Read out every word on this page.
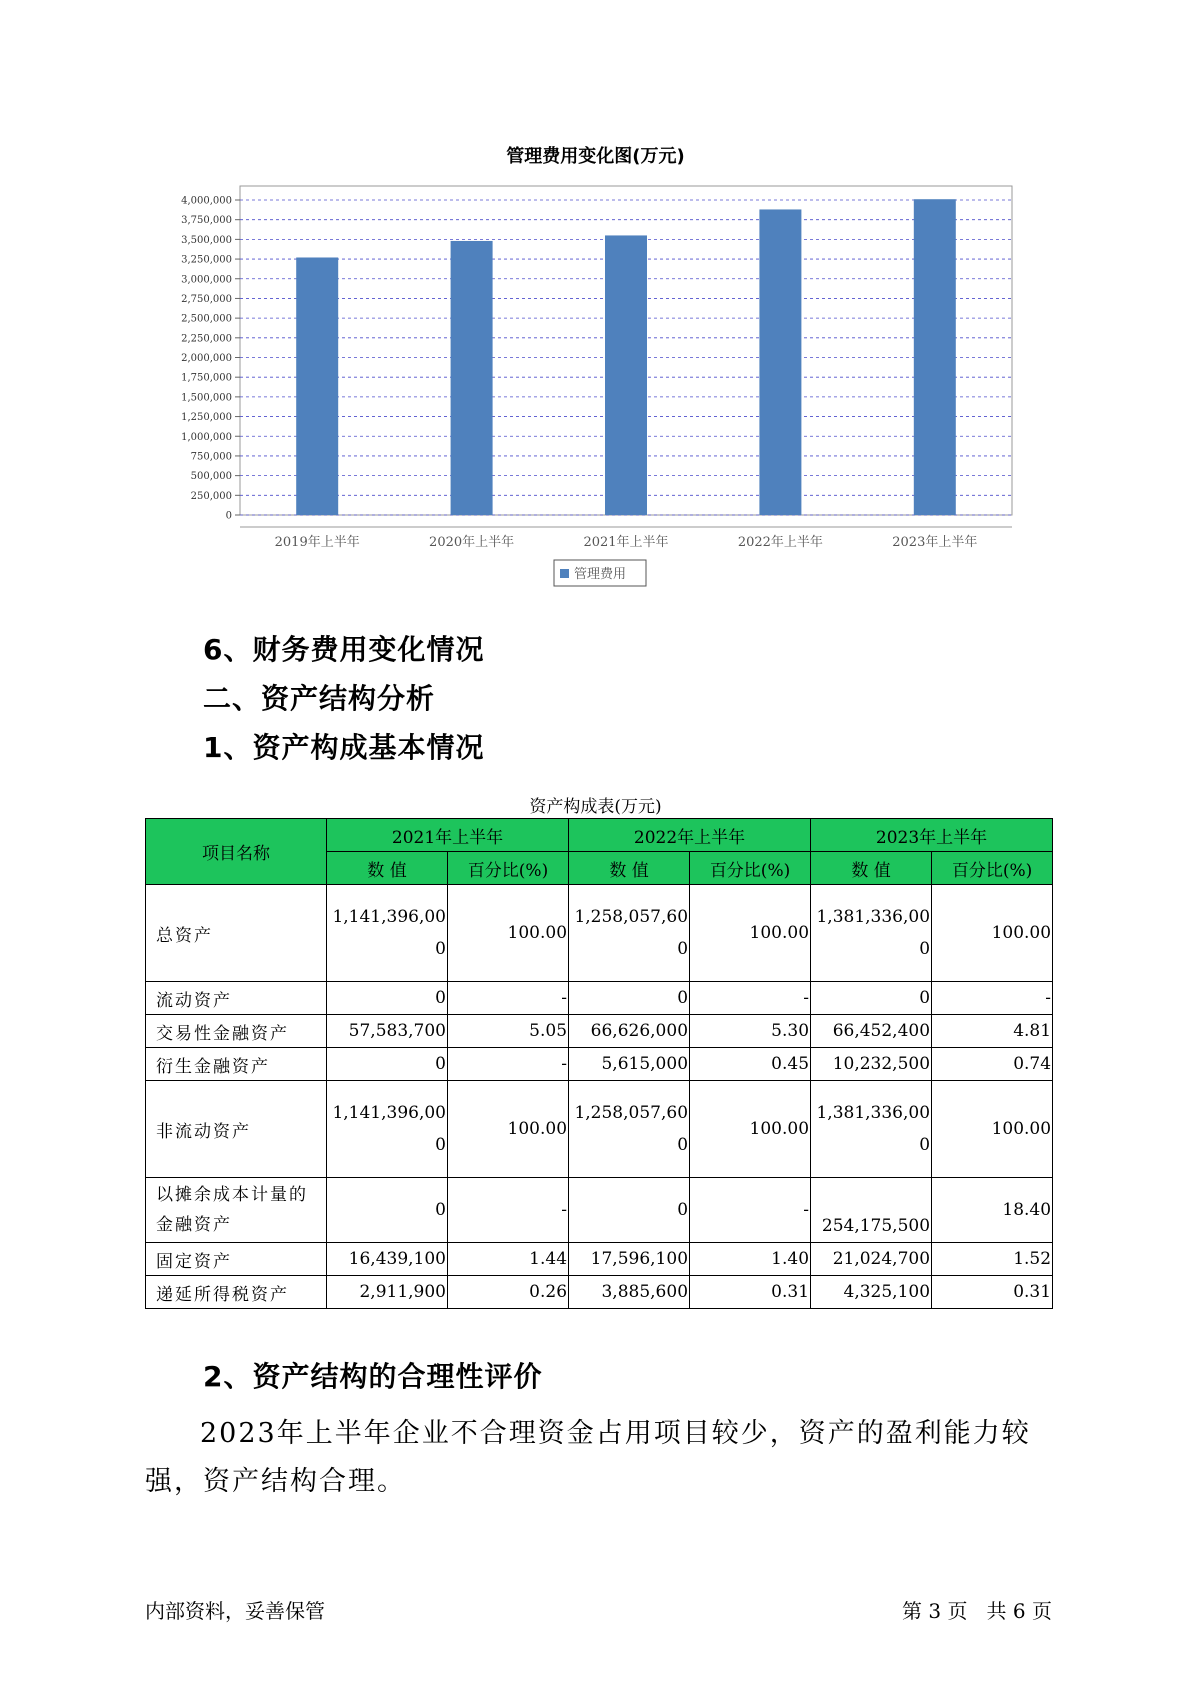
管理费用变化图(万元)
0
250,000
500,000
750,000
1,000,000
1,250,000
1,500,000
1,750,000
2,000,000
2,250,000
2,500,000
2,750,000
3,000,000
3,250,000
3,500,000
3,750,000
4,000,000
2019年上半年	2020年上半年	2021年上半年	2022年上半年	2023年上半年
管理费用
6、财务费用变化情况
二、资产结构分析
1、资产构成基本情况
资产构成表(万元)
项目名称	2021年上半年		2022年上半年		2023年上半年	
	数 值	百分比(%)	数 值	百分比(%)	数 值	百分比(%)
总资产	1,141,396,000	100.00	1,258,057,600	100.00	1,381,336,000	100.00
流动资产	0	-	0	-	0	-
交易性金融资产	57,583,700	5.05	66,626,000	5.30	66,452,400	4.81
衍生金融资产	0	-	5,615,000	0.45	10,232,500	0.74
非流动资产	1,141,396,000	100.00	1,258,057,600	100.00	1,381,336,000	100.00
以摊余成本计量的金融资产	0	-	0	-	254,175,500	18.40
固定资产	16,439,100	1.44	17,596,100	1.40	21,024,700	1.52
递延所得税资产	2,911,900	0.26	3,885,600	0.31	4,325,100	0.31
2、资产结构的合理性评价
2023年上半年企业不合理资金占用项目较少，资产的盈利能力较强，资产结构合理。
内部资料，妥善保管	第 3 页   共 6 页
